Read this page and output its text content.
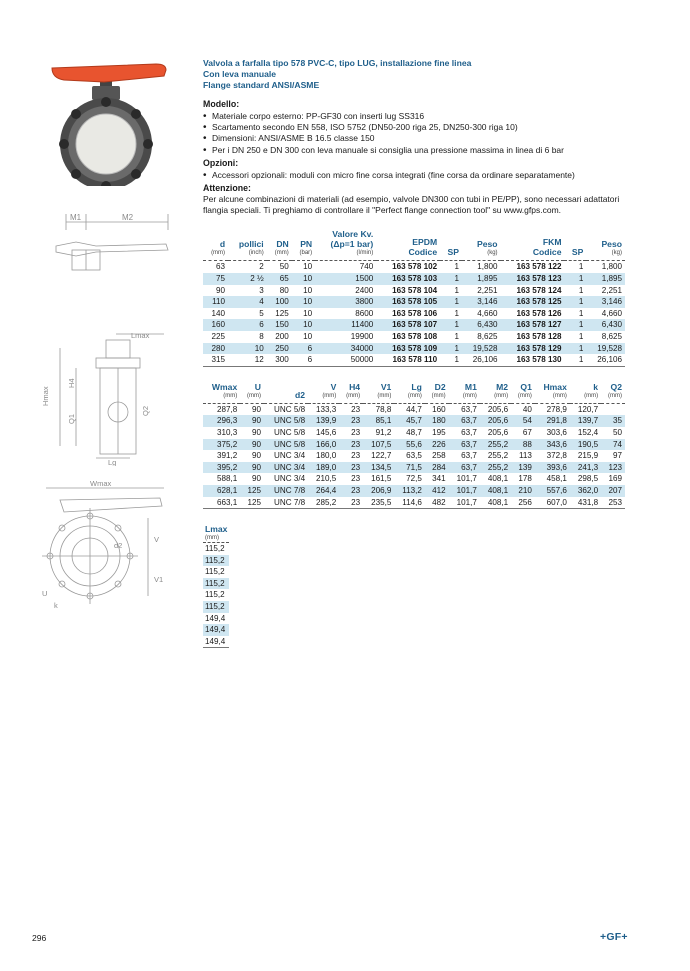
M1	M2
Lmax
Hmax
H4
Q1
Q2
Lg
Wmax
d2
V
V1
U
k
Valvola a farfalla tipo 578 PVC-C, tipo LUG, installazione fine linea
Con leva manuale
Flange standard ANSI/ASME
Modello:
• Materiale corpo esterno: PP-GF30 con inserti lug SS316
• Scartamento secondo EN 558, ISO 5752 (DN50-200 riga 25, DN250-300 riga 10)
• Dimensioni: ANSI/ASME B 16.5 classe 150
• Per i DN 250 e DN 300 con leva manuale si consiglia una pressione massima in linea di 6 bar
Opzioni:
• Accessori opzionali: moduli con micro fine corsa integrati (fine corsa da ordinare separatamente)
Attenzione:
Per alcune combinazioni di materiali (ad esempio, valvole DN300 con tubi in PE/PP), sono necessari adattatori flangia speciali. Ti preghiamo di controllare il "Perfect flange connection tool" su www.gfps.com.
d
(mm)	pollici
(inch)	DN
(mm)	PN
(bar)	Valore Kv.
(Δp=1 bar)
(l/min)	EPDM
Codice	SP	Peso
(kg)	FKM
Codice	SP	Peso
(kg)

63	2	50	10	740	163 578 102	1	1,800	163 578 122	1	1,800
75	2 ½	65	10	1500	163 578 103	1	1,895	163 578 123	1	1,895
90	3	80	10	2400	163 578 104	1	2,251	163 578 124	1	2,251
110	4	100	10	3800	163 578 105	1	3,146	163 578 125	1	3,146
140	5	125	10	8600	163 578 106	1	4,660	163 578 126	1	4,660
160	6	150	10	11400	163 578 107	1	6,430	163 578 127	1	6,430
225	8	200	10	19900	163 578 108	1	8,625	163 578 128	1	8,625
280	10	250	6	34000	163 578 109	1	19,528	163 578 129	1	19,528
315	12	300	6	50000	163 578 110	1	26,106	163 578 130	1	26,106
Wmax
(mm)	U
(mm)	d2	V
(mm)	H4
(mm)	V1
(mm)	Lg
(mm)	D2
(mm)	M1
(mm)	M2
(mm)	Q1
(mm)	Hmax
(mm)	k
(mm)	Q2
(mm)

287,8	90	UNC 5/8	133,3	23	78,8	44,7	160	63,7	205,6	40	278,9	120,7	
296,3	90	UNC 5/8	139,9	23	85,1	45,7	180	63,7	205,6	54	291,8	139,7	35
310,3	90	UNC 5/8	145,6	23	91,2	48,7	195	63,7	205,6	67	303,6	152,4	50
375,2	90	UNC 5/8	166,0	23	107,5	55,6	226	63,7	255,2	88	343,6	190,5	74
391,2	90	UNC 3/4	180,0	23	122,7	63,5	258	63,7	255,2	113	372,8	215,9	97
395,2	90	UNC 3/4	189,0	23	134,5	71,5	284	63,7	255,2	139	393,6	241,3	123
588,1	90	UNC 3/4	210,5	23	161,5	72,5	341	101,7	408,1	178	458,1	298,5	169
628,1	125	UNC 7/8	264,4	23	206,9	113,2	412	101,7	408,1	210	557,6	362,0	207
663,1	125	UNC 7/8	285,2	23	235,5	114,6	482	101,7	408,1	256	607,0	431,8	253
Lmax
(mm)

115,2
115,2
115,2
115,2
115,2
115,2
149,4
149,4
149,4
296	+GF+
